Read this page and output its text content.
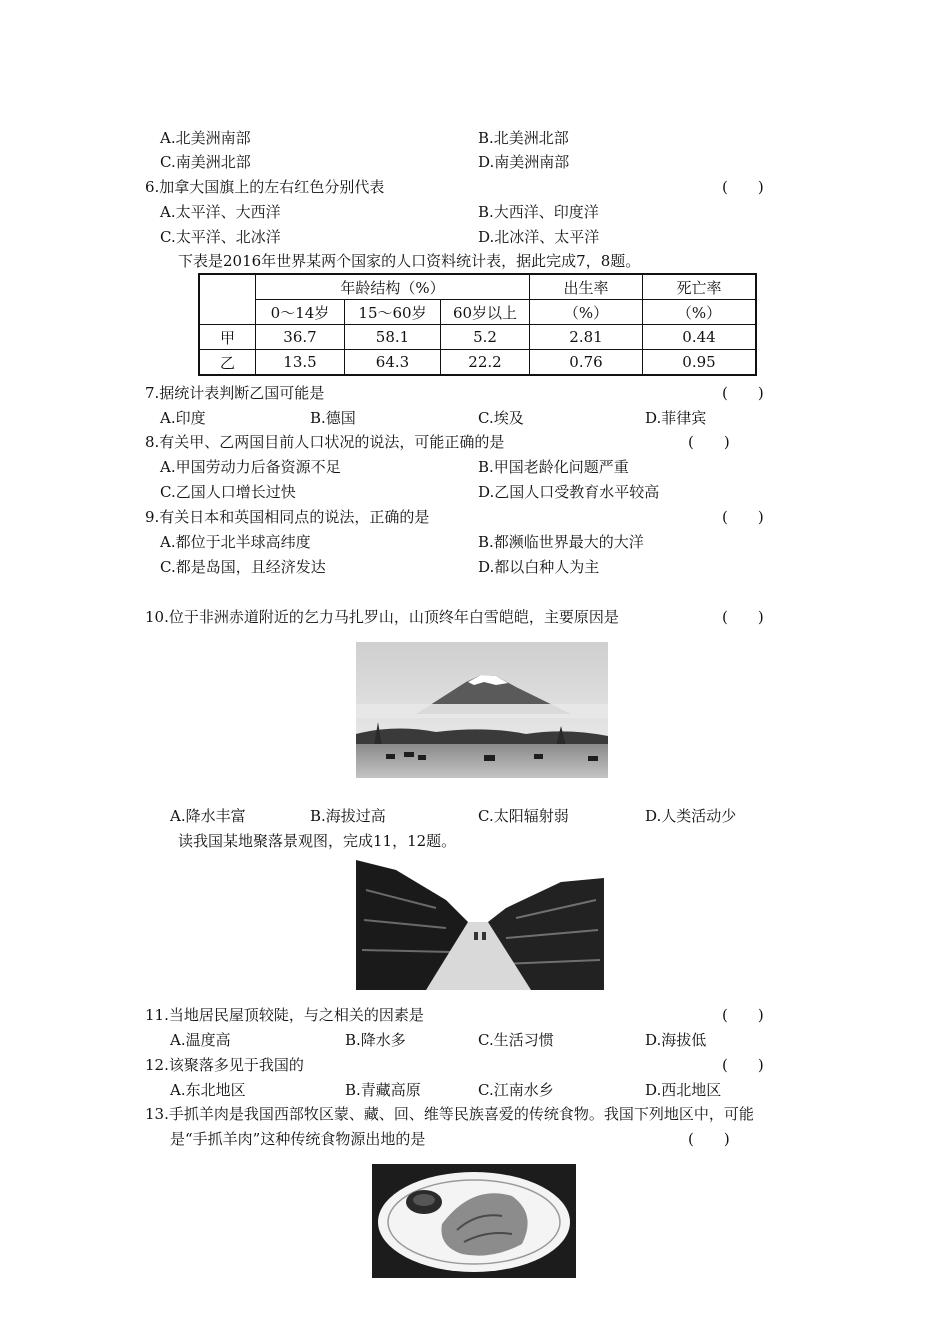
A.北美洲南部	B.北美洲北部
C.南美洲北部	D.南美洲南部
6.加拿大国旗上的左右红色分别代表	(　　)
A.太平洋、大西洋	B.大西洋、印度洋
C.太平洋、北冰洋	D.北冰洋、太平洋
下表是2016年世界某两个国家的人口资料统计表，据此完成7，8题。
	年龄结构（%）			出生率	死亡率
	0～14岁	15～60岁	60岁以上	（%）	（%）
甲	36.7	58.1	5.2	2.81	0.44
乙	13.5	64.3	22.2	0.76	0.95
7.据统计表判断乙国可能是	(　　)
A.印度	B.德国	C.埃及	D.菲律宾
8.有关甲、乙两国目前人口状况的说法，可能正确的是	(　　)
A.甲国劳动力后备资源不足	B.甲国老龄化问题严重
C.乙国人口增长过快	D.乙国人口受教育水平较高
9.有关日本和英国相同点的说法，正确的是	(　　)
A.都位于北半球高纬度	B.都濒临世界最大的大洋
C.都是岛国，且经济发达	D.都以白种人为主
10.位于非洲赤道附近的乞力马扎罗山，山顶终年白雪皑皑，主要原因是	(　　)
A.降水丰富	B.海拔过高	C.太阳辐射弱	D.人类活动少
读我国某地聚落景观图，完成11，12题。
11.当地居民屋顶较陡，与之相关的因素是	(　　)
A.温度高	B.降水多	C.生活习惯	D.海拔低
12.该聚落多见于我国的	(　　)
A.东北地区	B.青藏高原	C.江南水乡	D.西北地区
13.手抓羊肉是我国西部牧区蒙、藏、回、维等民族喜爱的传统食物。我国下列地区中，可能
是“手抓羊肉”这种传统食物源出地的是	(　　)
